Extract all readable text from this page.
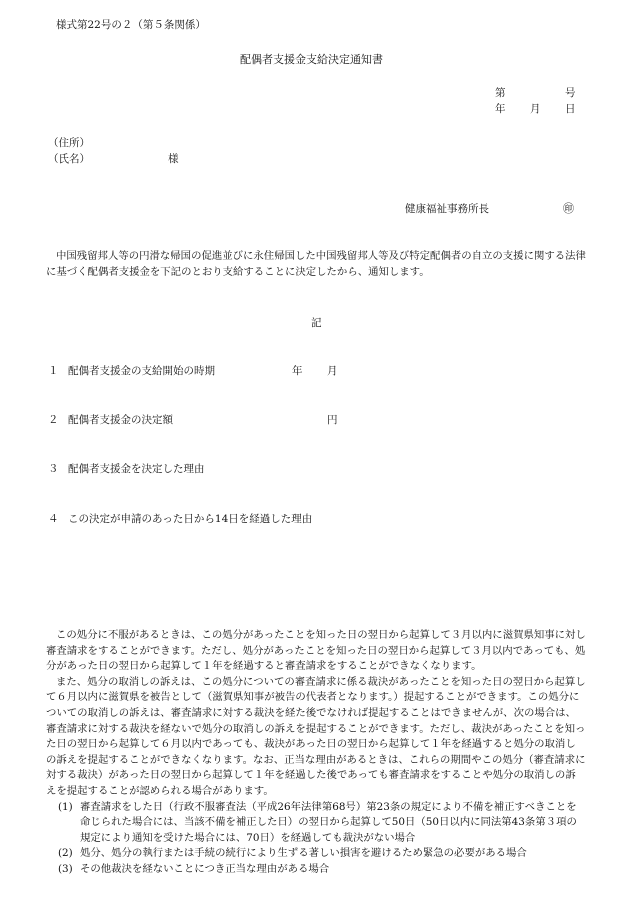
様式第22号の２（第５条関係）
配偶者支援金支給決定通知書
第	号
年 月 日
（住所）
（氏名）	様
健康福祉事務所長	㊞
中国残留邦人等の円滑な帰国の促進並びに永住帰国した中国残留邦人等及び特定配偶者の自立の支援に関する法律に基づく配偶者支援金を下記のとおり支給することに決定したから、通知します。
記
１ 配偶者支援金の支給開始の時期	年 月
２ 配偶者支援金の決定額	円
３ 配偶者支援金を決定した理由
４ この決定が申請のあった日から14日を経過した理由

この処分に不服があるときは、この処分があったことを知った日の翌日から起算して３月以内に滋賀県知事に対し審査請求をすることができます。ただし、処分があったことを知った日の翌日から起算して３月以内であっても、処分があった日の翌日から起算して１年を経過すると審査請求をすることができなくなります。

また、処分の取消しの訴えは、この処分についての審査請求に係る裁決があったことを知った日の翌日から起算して６月以内に滋賀県を被告として（滋賀県知事が被告の代表者となります。）提起することができます。この処分についての取消しの訴えは、審査請求に対する裁決を経た後でなければ提起することはできませんが、次の場合は、審査請求に対する裁決を経ないで処分の取消しの訴えを提起することができます。ただし、裁決があったことを知った日の翌日から起算して６月以内であっても、裁決があった日の翌日から起算して１年を経過すると処分の取消しの訴えを提起することができなくなります。なお、正当な理由があるときは、これらの期間やこの処分（審査請求に対する裁決）があった日の翌日から起算して１年を経過した後であっても審査請求をすることや処分の取消しの訴えを提起することが認められる場合があります。

(1) 審査請求をした日（行政不服審査法（平成26年法律第68号）第23条の規定により不備を補正すべきことを命じられた場合には、当該不備を補正した日）の翌日から起算して50日（50日以内に同法第43条第３項の規定により通知を受けた場合には、70日）を経過しても裁決がない場合
(2) 処分、処分の執行または手続の続行により生ずる著しい損害を避けるため緊急の必要がある場合
(3) その他裁決を経ないことにつき正当な理由がある場合
